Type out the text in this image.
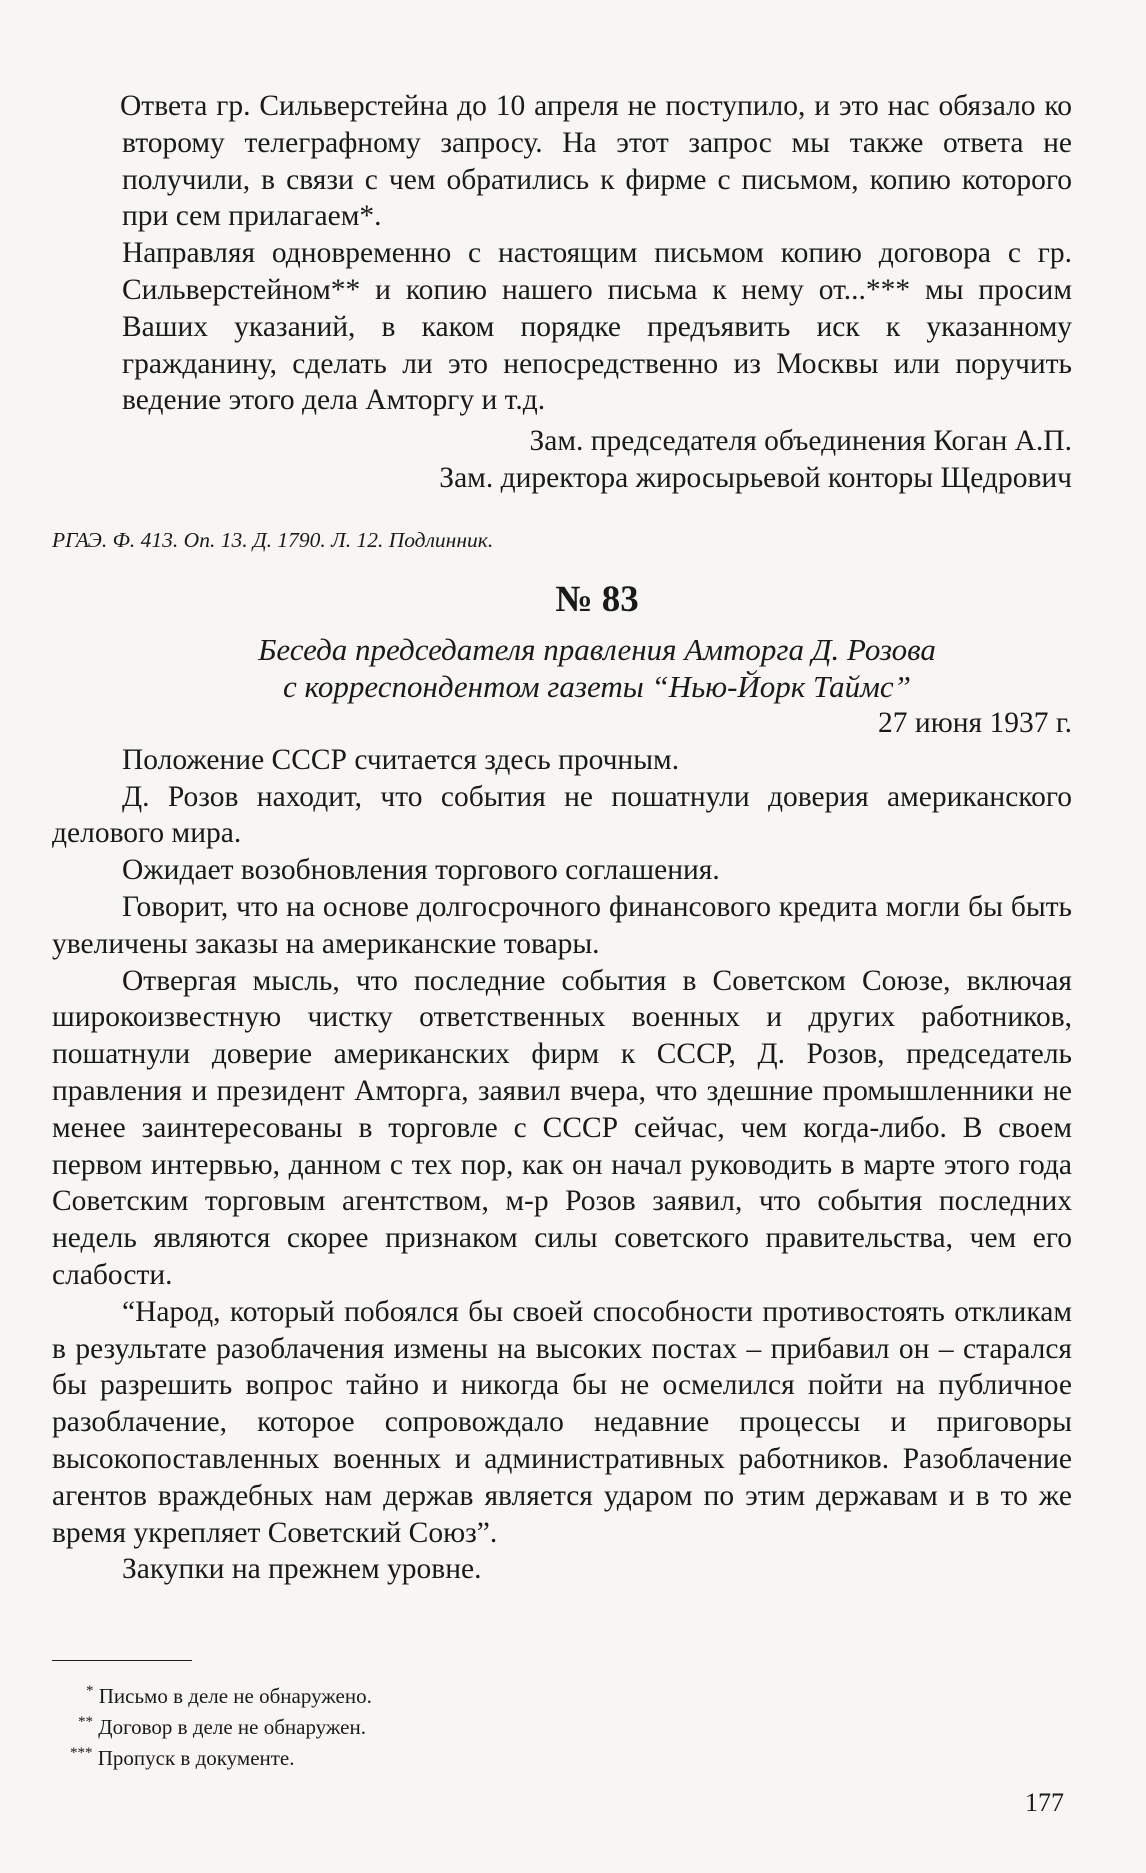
Ответа гр. Сильверстейна до 10 апреля не поступило, и это нас обязало ко второму телеграфному запросу. На этот запрос мы также ответа не получили, в связи с чем обратились к фирме с письмом, копию которого при сем прилагаем*.

Направляя одновременно с настоящим письмом копию договора с гр. Сильверстейном** и копию нашего письма к нему от...*** мы просим Ваших указаний, в каком порядке предъявить иск к указанному гражданину, сделать ли это непосредственно из Москвы или поручить ведение этого дела Амторгу и т.д.

Зам. председателя объединения Коган А.П.

Зам. директора жиросырьевой конторы Щедрович

РГАЭ. Ф. 413. Оп. 13. Д. 1790. Л. 12. Подлинник.

№ 83

Беседа председателя правления Амторга Д. Розова

с корреспондентом газеты “Нью-Йорк Таймс”

27 июня 1937 г.

Положение СССР считается здесь прочным.

Д. Розов находит, что события не пошатнули доверия американского делового мира.

Ожидает возобновления торгового соглашения.

Говорит, что на основе долгосрочного финансового кредита могли бы быть увеличены заказы на американские товары.

Отвергая мысль, что последние события в Советском Союзе, включая широкоизвестную чистку ответственных военных и других работников, пошатнули доверие американских фирм к СССР, Д. Розов, председатель правления и президент Амторга, заявил вчера, что здешние промышленники не менее заинтересованы в торговле с СССР сейчас, чем когда-либо. В своем первом интервью, данном с тех пор, как он начал руководить в марте этого года Советским торговым агентством, м-р Розов заявил, что события последних недель являются скорее признаком силы советского правительства, чем его слабости.

“Народ, который побоялся бы своей способности противостоять откликам в результате разоблачения измены на высоких постах – прибавил он – старался бы разрешить вопрос тайно и никогда бы не осмелился пойти на публичное разоблачение, которое сопровождало недавние процессы и приговоры высокопоставленных военных и административных работников. Разоблачение агентов враждебных нам держав является ударом по этим державам и в то же время укрепляет Советский Союз”.

Закупки на прежнем уровне.

* Письмо в деле не обнаружено.

** Договор в деле не обнаружен.

*** Пропуск в документе.

177
